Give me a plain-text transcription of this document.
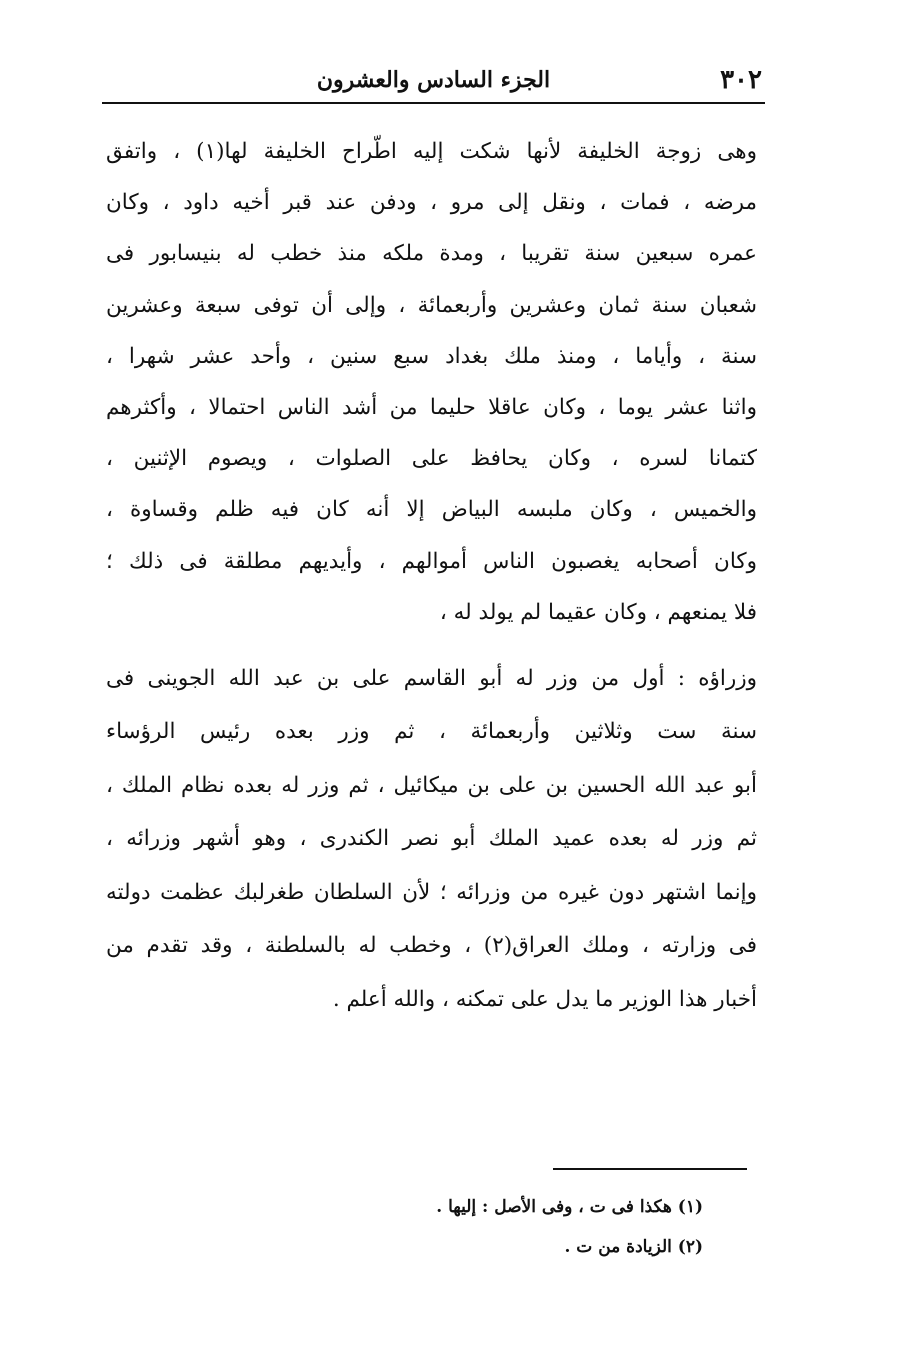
٣٠٢
الجزء السادس والعشرون

وهى زوجة الخليفة لأنها شكت إليه اطّراح الخليفة لها(١) ، واتفق
مرضه ، فمات ، ونقل إلى مرو ، ودفن عند قبر أخيه داود ، وكان
عمره سبعين سنة تقريبا ، ومدة ملكه منذ خطب له بنيسابور فى
شعبان سنة ثمان وعشرين وأربعمائة ، وإلى أن توفى سبعة وعشرين
سنة ، وأياما ، ومنذ ملك بغداد سبع سنين ، وأحد عشر شهرا ،
واثنا عشر يوما ، وكان عاقلا حليما من أشد الناس احتمالا ، وأكثرهم
كتمانا لسره ، وكان يحافظ على الصلوات ، ويصوم الإثنين ،
والخميس ، وكان ملبسه البياض إلا أنه كان فيه ظلم وقساوة ،
وكان أصحابه يغصبون الناس أموالهم ، وأيديهم مطلقة فى ذلك ؛
فلا يمنعهم ، وكان عقيما لم يولد له ،

وزراؤه : أول من وزر له أبو القاسم على بن عبد الله الجوينى فى
سنة ست وثلاثين وأربعمائة ، ثم وزر بعده رئيس الرؤساء
أبو عبد الله الحسين بن على بن ميكائيل ، ثم وزر له بعده نظام الملك ،
ثم وزر له بعده عميد الملك أبو نصر الكندرى ، وهو أشهر وزرائه ،
وإنما اشتهر دون غيره من وزرائه ؛ لأن السلطان طغرلبك عظمت دولته
فى وزارته ، وملك العراق(٢) ، وخطب له بالسلطنة ، وقد تقدم من
أخبار هذا الوزير ما يدل على تمكنه ، والله أعلم .

(١) هكذا فى ت ، وفى الأصل : إليها .
(٢) الزيادة من ت .
